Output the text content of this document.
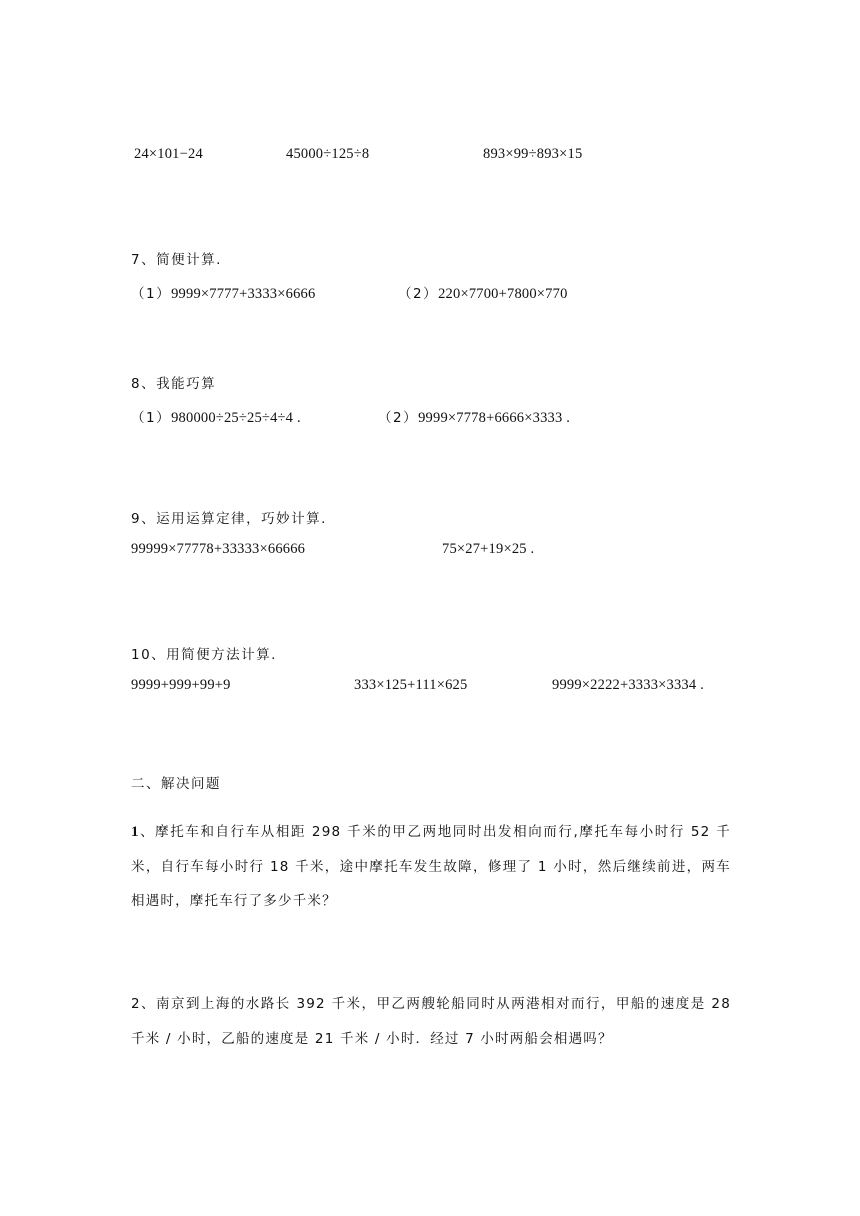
24×101−24	45000÷125÷8	893×99÷893×15
7、简便计算.
（1）9999×7777+3333×6666	（2）220×7700+7800×770
8、我能巧算
（1）980000÷25÷25÷4÷4 .	（2）9999×7778+6666×3333 .
9、运用运算定律，巧妙计算.
99999×77778+33333×66666	75×27+19×25 .
10、用简便方法计算.
9999+999+99+9	333×125+111×625	9999×2222+3333×3334 .
二、解决问题
1、摩托车和自行车从相距 298 千米的甲乙两地同时出发相向而行,摩托车每小时行 52 千米，自行车每小时行 18 千米，途中摩托车发生故障，修理了 1 小时，然后继续前进，两车相遇时，摩托车行了多少千米？
2、南京到上海的水路长 392 千米，甲乙两艘轮船同时从两港相对而行，甲船的速度是 28 千米 / 小时，乙船的速度是 21 千米 / 小时．经过 7 小时两船会相遇吗？
